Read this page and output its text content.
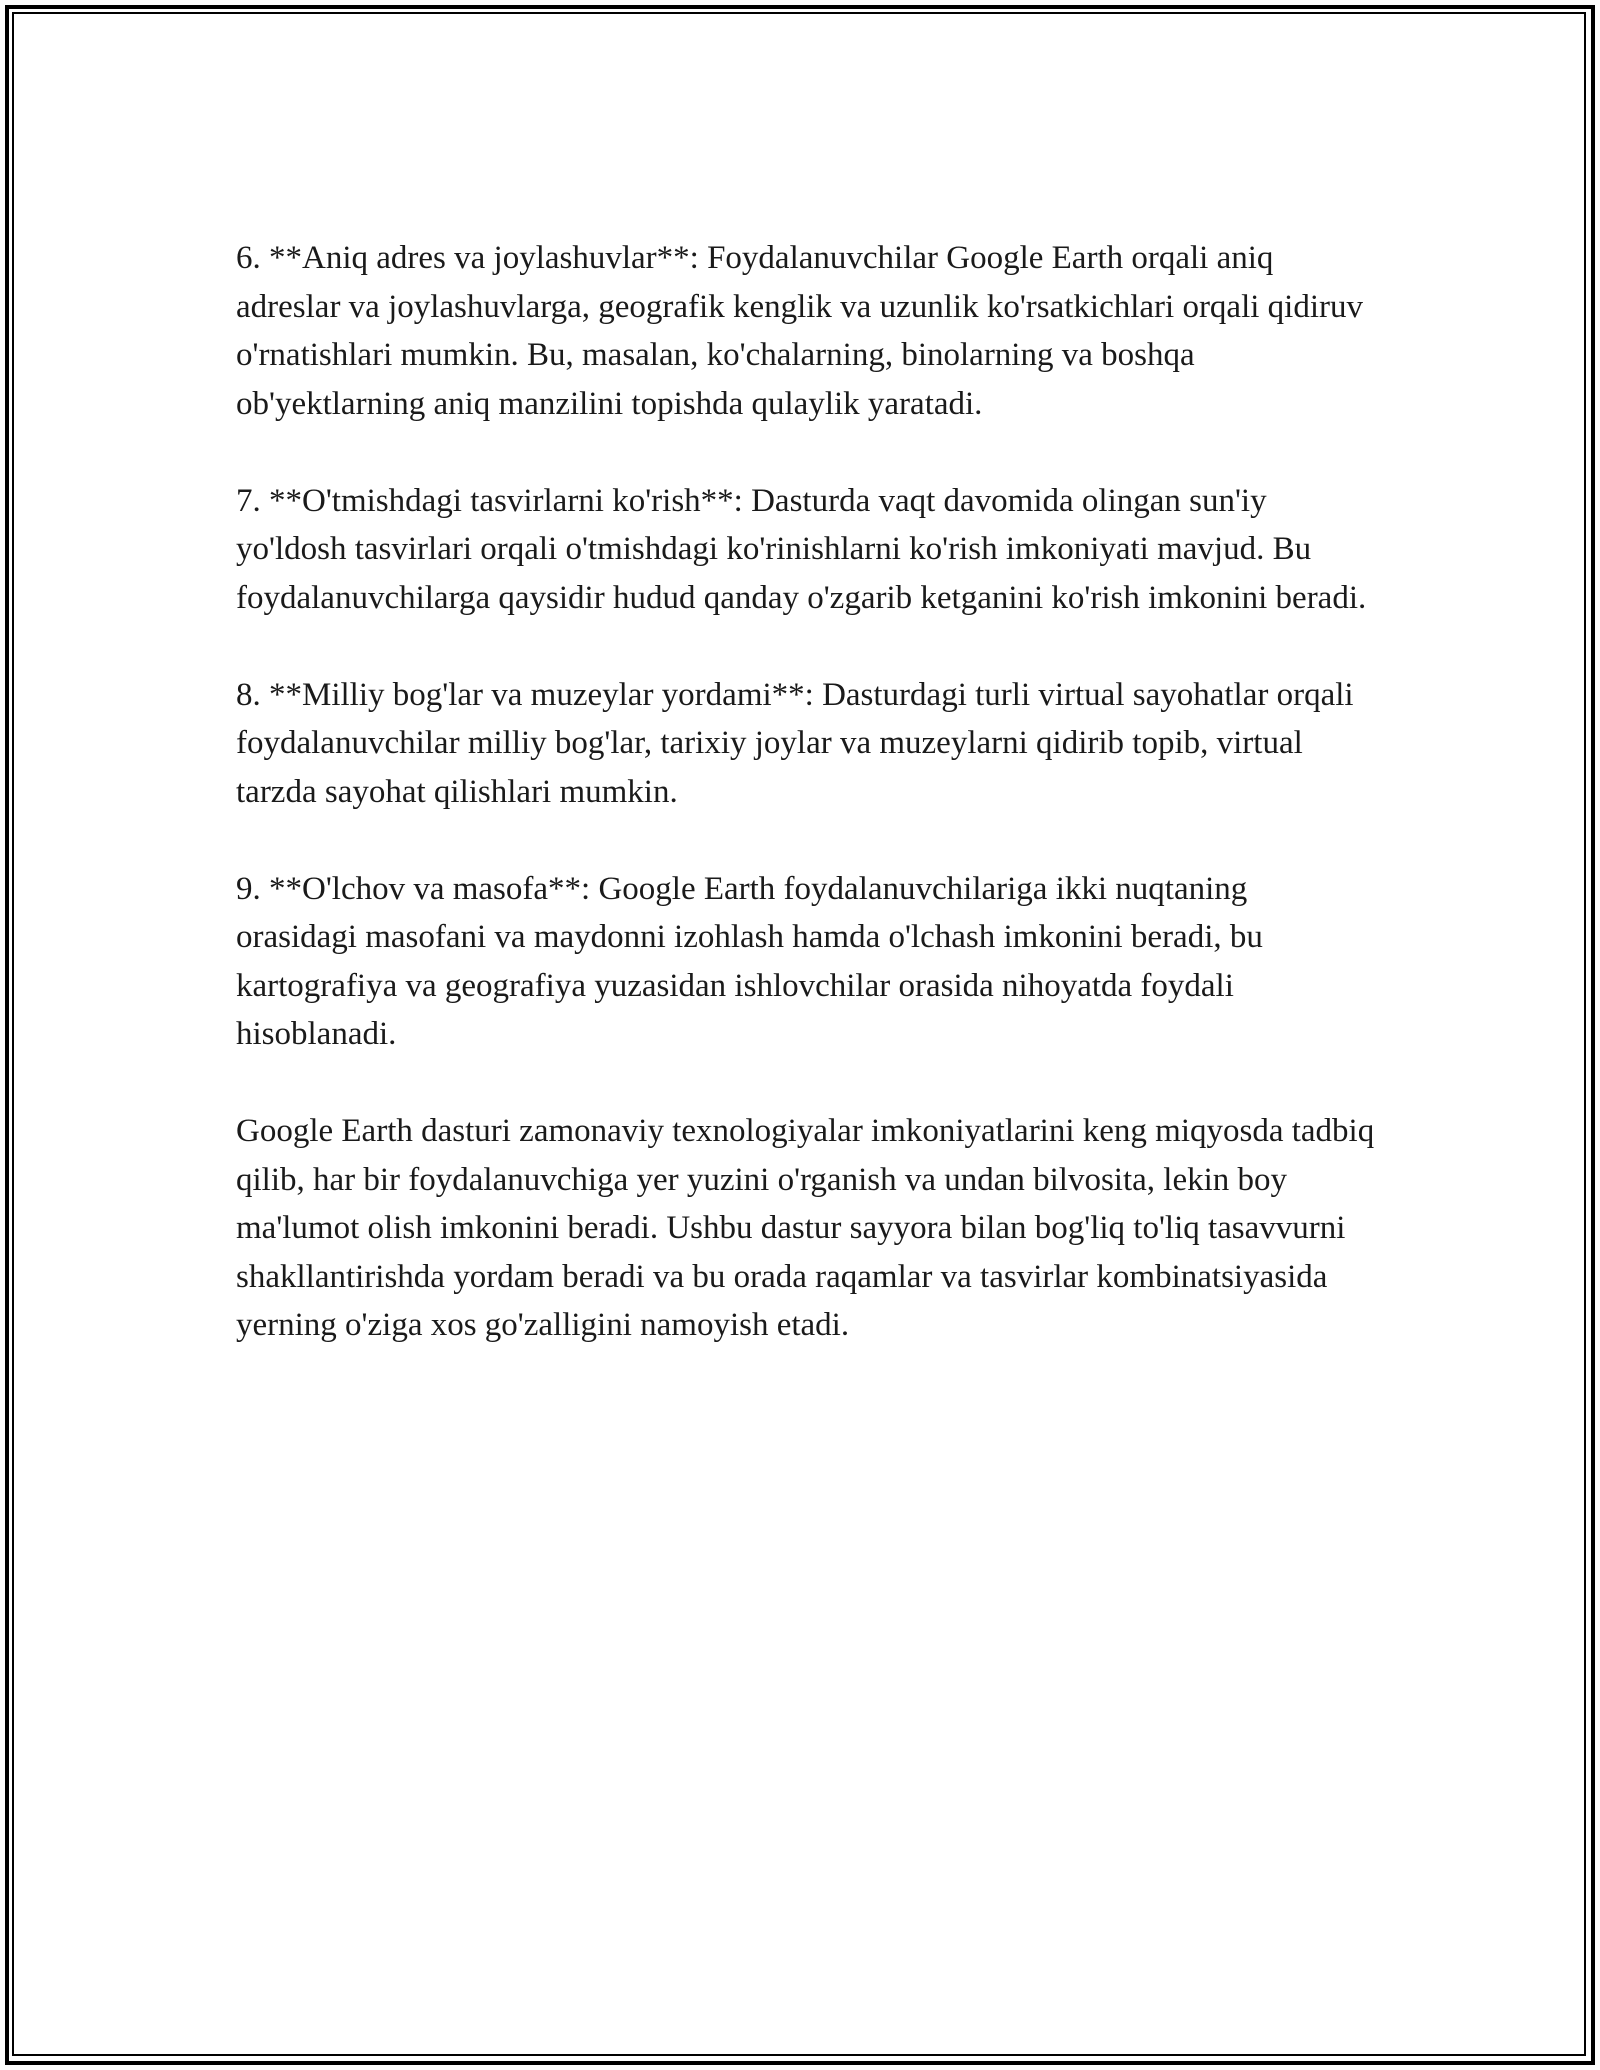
6. **Aniq adres va joylashuvlar**: Foydalanuvchilar Google Earth orqali aniq adreslar va joylashuvlarga, geografik kenglik va uzunlik ko'rsatkichlari orqali qidiruv o'rnatishlari mumkin. Bu, masalan, ko'chalarning, binolarning va boshqa ob'yektlarning aniq manzilini topishda qulaylik yaratadi.

7. **O'tmishdagi tasvirlarni ko'rish**: Dasturda vaqt davomida olingan sun'iy yo'ldosh tasvirlari orqali o'tmishdagi ko'rinishlarni ko'rish imkoniyati mavjud. Bu foydalanuvchilarga qaysidir hudud qanday o'zgarib ketganini ko'rish imkonini beradi.

8. **Milliy bog'lar va muzeylar yordami**: Dasturdagi turli virtual sayohatlar orqali foydalanuvchilar milliy bog'lar, tarixiy joylar va muzeylarni qidirib topib, virtual tarzda sayohat qilishlari mumkin.

9. **O'lchov va masofa**: Google Earth foydalanuvchilariga ikki nuqtaning orasidagi masofani va maydonni izohlash hamda o'lchash imkonini beradi, bu kartografiya va geografiya yuzasidan ishlovchilar orasida nihoyatda foydali hisoblanadi.

Google Earth dasturi zamonaviy texnologiyalar imkoniyatlarini keng miqyosda tadbiq qilib, har bir foydalanuvchiga yer yuzini o'rganish va undan bilvosita, lekin boy ma'lumot olish imkonini beradi. Ushbu dastur sayyora bilan bog'liq to'liq tasavvurni shakllantirishda yordam beradi va bu orada raqamlar va tasvirlar kombinatsiyasida yerning o'ziga xos go'zalligini namoyish etadi.
